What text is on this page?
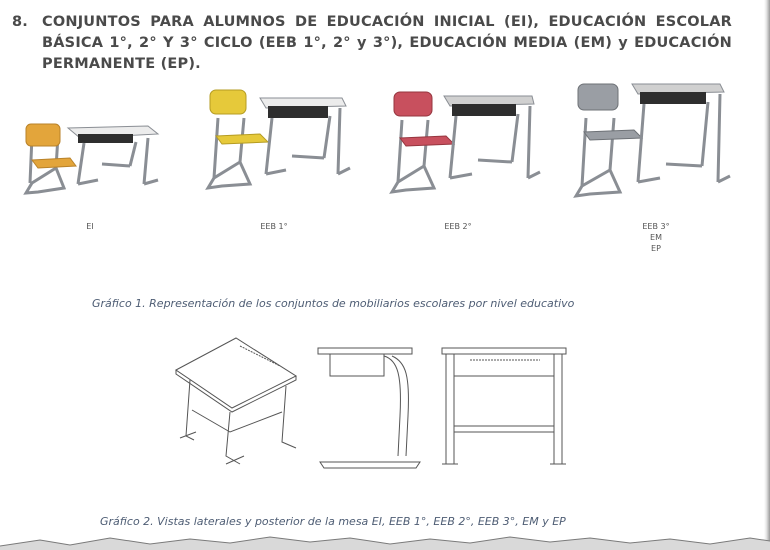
8. CONJUNTOS PARA ALUMNOS DE EDUCACIÓN INICIAL (EI), EDUCACIÓN ESCOLAR BÁSICA 1°, 2° Y 3° CICLO (EEB 1°, 2° y 3°), EDUCACIÓN MEDIA (EM) y EDUCACIÓN PERMANENTE (EP).
EI	EEB 1°	EEB 2°	EEB 3°
EM
EP
Gráfico 1. Representación de los conjuntos de mobiliarios escolares por nivel educativo
Gráfico 2. Vistas laterales y posterior de la mesa EI, EEB 1°, EEB 2°, EEB 3°, EM y EP
